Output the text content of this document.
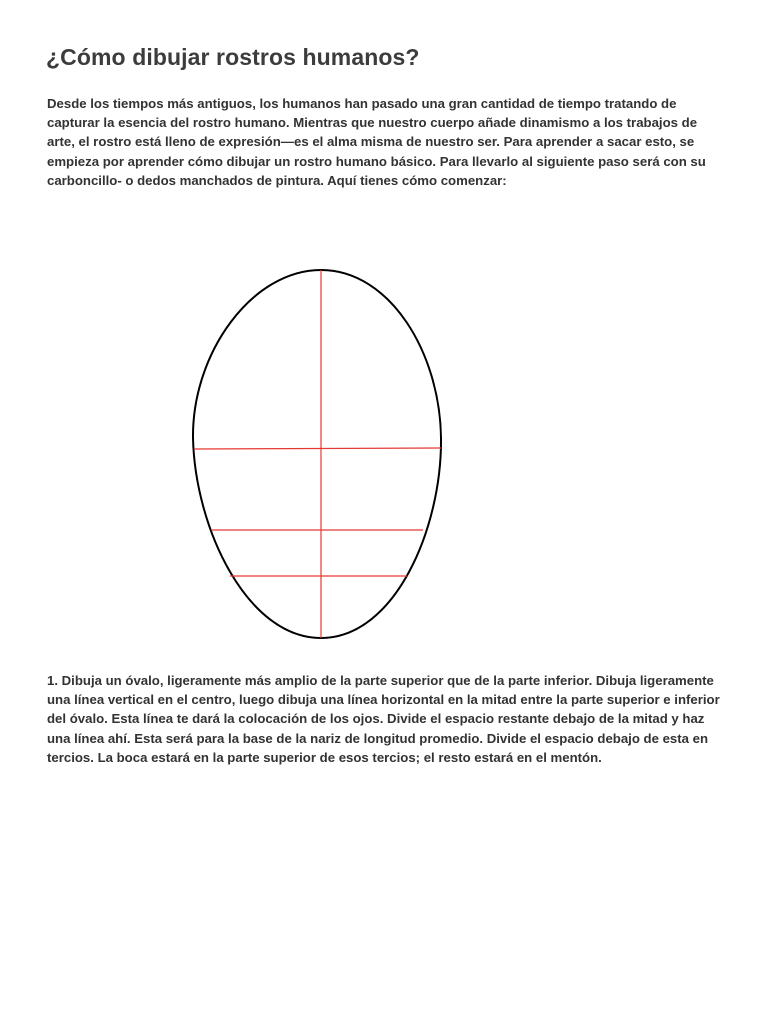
¿Cómo dibujar rostros humanos?

Desde los tiempos más antiguos, los humanos han pasado una gran cantidad de tiempo tratando de capturar la esencia del rostro humano. Mientras que nuestro cuerpo añade dinamismo a los trabajos de arte, el rostro está lleno de expresión—es el alma misma de nuestro ser. Para aprender a sacar esto, se empieza por aprender cómo dibujar un rostro humano básico. Para llevarlo al siguiente paso será con su carboncillo- o dedos manchados de pintura. Aquí tienes cómo comenzar:

1. Dibuja un óvalo, ligeramente más amplio de la parte superior que de la parte inferior. Dibuja ligeramente una línea vertical en el centro, luego dibuja una línea horizontal en la mitad entre la parte superior e inferior del óvalo. Esta línea te dará la colocación de los ojos. Divide el espacio restante debajo de la mitad y haz una línea ahí. Esta será para la base de la nariz de longitud promedio. Divide el espacio debajo de esta en tercios. La boca estará en la parte superior de esos tercios; el resto estará en el mentón.
